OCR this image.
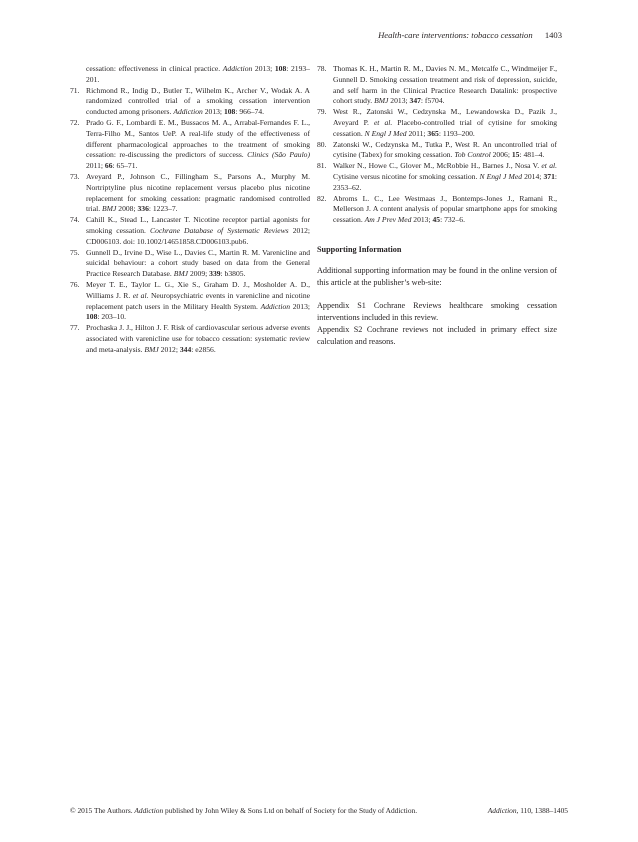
Health-care interventions: tobacco cessation 1403

cessation: effectiveness in clinical practice. Addiction 2013; 108: 2193–201.

71. Richmond R., Indig D., Butler T., Wilhelm K., Archer V., Wodak A. A randomized controlled trial of a smoking cessation intervention conducted among prisoners. Addiction 2013; 108: 966–74.

72. Prado G. F., Lombardi E. M., Bussacos M. A., Arrabal-Fernandes F. L., Terra-Filho M., Santos UeP. A real-life study of the effectiveness of different pharmacological approaches to the treatment of smoking cessation: re-discussing the predictors of success. Clinics (São Paulo) 2011; 66: 65–71.

73. Aveyard P., Johnson C., Fillingham S., Parsons A., Murphy M. Nortriptyline plus nicotine replacement versus placebo plus nicotine replacement for smoking cessation: pragmatic randomised controlled trial. BMJ 2008; 336: 1223–7.

74. Cahill K., Stead L., Lancaster T. Nicotine receptor partial agonists for smoking cessation. Cochrane Database of Systematic Reviews 2012; CD006103. doi: 10.1002/14651858.CD006103.pub6.

75. Gunnell D., Irvine D., Wise L., Davies C., Martin R. M. Varenicline and suicidal behaviour: a cohort study based on data from the General Practice Research Database. BMJ 2009; 339: b3805.

76. Meyer T. E., Taylor L. G., Xie S., Graham D. J., Mosholder A. D., Williams J. R. et al. Neuropsychiatric events in varenicline and nicotine replacement patch users in the Military Health System. Addiction 2013; 108: 203–10.

77. Prochaska J. J., Hilton J. F. Risk of cardiovascular serious adverse events associated with varenicline use for tobacco cessation: systematic review and meta-analysis. BMJ 2012; 344: e2856.

78. Thomas K. H., Martin R. M., Davies N. M., Metcalfe C., Windmeijer F., Gunnell D. Smoking cessation treatment and risk of depression, suicide, and self harm in the Clinical Practice Research Datalink: prospective cohort study. BMJ 2013; 347: f5704.

79. West R., Zatonski W., Cedzynska M., Lewandowska D., Pazik J., Aveyard P. et al. Placebo-controlled trial of cytisine for smoking cessation. N Engl J Med 2011; 365: 1193–200.

80. Zatonski W., Cedzynska M., Tutka P., West R. An uncontrolled trial of cytisine (Tabex) for smoking cessation. Tob Control 2006; 15: 481–4.

81. Walker N., Howe C., Glover M., McRobbie H., Barnes J., Nosa V. et al. Cytisine versus nicotine for smoking cessation. N Engl J Med 2014; 371: 2353–62.

82. Abroms L. C., Lee Westmaas J., Bontemps-Jones J., Ramani R., Mellerson J. A content analysis of popular smartphone apps for smoking cessation. Am J Prev Med 2013; 45: 732–6.

Supporting Information

Additional supporting information may be found in the online version of this article at the publisher’s web-site:

Appendix S1 Cochrane Reviews healthcare smoking cessation interventions included in this review.

Appendix S2 Cochrane reviews not included in primary effect size calculation and reasons.

© 2015 The Authors. Addiction published by John Wiley & Sons Ltd on behalf of Society for the Study of Addiction.	Addiction, 110, 1388–1405
